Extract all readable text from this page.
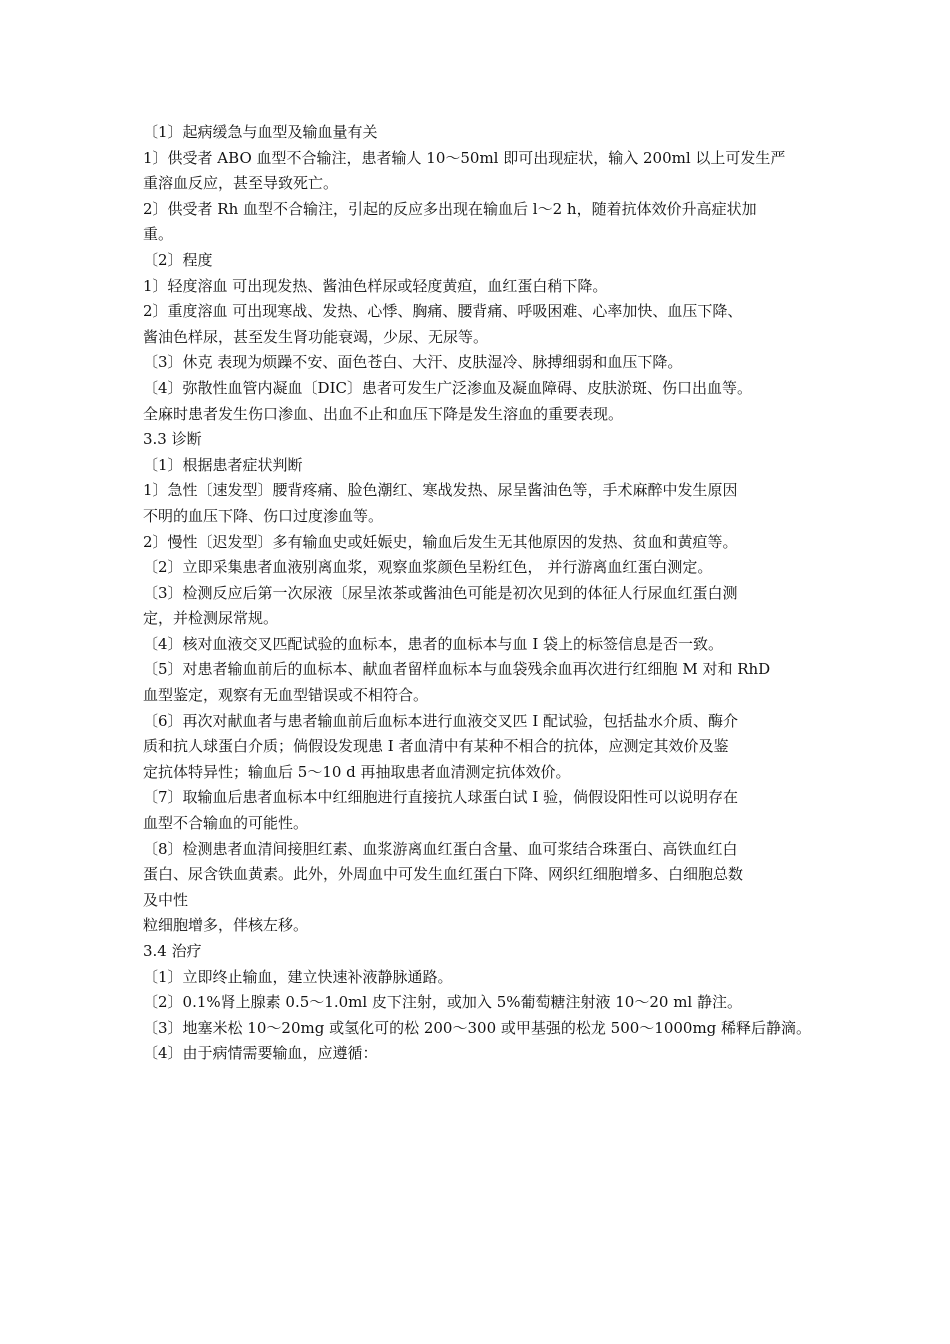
〔1〕起病缓急与血型及输血量有关
1〕供受者 ABO 血型不合输注，患者输人 10～50ml 即可出现症状，输入 200ml 以上可发生严
重溶血反应，甚至导致死亡。
2〕供受者 Rh 血型不合输注，引起的反应多出现在输血后 l～2 h，随着抗体效价升高症状加
重。
〔2〕程度
1〕轻度溶血 可出现发热、酱油色样尿或轻度黄疸，血红蛋白稍下降。
2〕重度溶血 可出现寒战、发热、心悸、胸痛、腰背痛、呼吸困难、心率加快、血压下降、
酱油色样尿，甚至发生肾功能衰竭，少尿、无尿等。
〔3〕休克 表现为烦躁不安、面色苍白、大汗、皮肤湿冷、脉搏细弱和血压下降。
〔4〕弥散性血管内凝血〔DIC〕患者可发生广泛渗血及凝血障碍、皮肤淤斑、伤口出血等。
全麻时患者发生伤口渗血、出血不止和血压下降是发生溶血的重要表现。
3.3 诊断
〔1〕根据患者症状判断
1〕急性〔速发型〕腰背疼痛、脸色潮红、寒战发热、尿呈酱油色等，手术麻醉中发生原因
不明的血压下降、伤口过度渗血等。
2〕慢性〔迟发型〕多有输血史或妊娠史，输血后发生无其他原因的发热、贫血和黄疸等。
〔2〕立即采集患者血液别离血浆，观察血浆颜色呈粉红色， 并行游离血红蛋白测定。
〔3〕检测反应后第一次尿液〔尿呈浓茶或酱油色可能是初次见到的体征人行尿血红蛋白测
定，并检测尿常规。
〔4〕核对血液交叉匹配试验的血标本，患者的血标本与血 I 袋上的标签信息是否一致。
〔5〕对患者输血前后的血标本、献血者留样血标本与血袋残余血再次进行红细胞 M 对和 RhD
血型鉴定，观察有无血型错误或不相符合。
〔6〕再次对献血者与患者输血前后血标本进行血液交叉匹 I 配试验，包括盐水介质、酶介
质和抗人球蛋白介质；倘假设发现患 I 者血清中有某种不相合的抗体，应测定其效价及鉴
定抗体特异性；输血后 5～10 d 再抽取患者血清测定抗体效价。
〔7〕取输血后患者血标本中红细胞进行直接抗人球蛋白试 I 验，倘假设阳性可以说明存在
血型不合输血的可能性。
〔8〕检测患者血清间接胆红素、血浆游离血红蛋白含量、血可浆结合珠蛋白、高铁血红白
蛋白、尿含铁血黄素。此外，外周血中可发生血红蛋白下降、网织红细胞增多、白细胞总数
及中性
粒细胞增多，伴核左移。
3.4 治疗
〔1〕立即终止输血，建立快速补液静脉通路。
〔2〕0.1%肾上腺素 0.5～1.0ml 皮下注射，或加入 5%葡萄糖注射液 10～20 ml 静注。
〔3〕地塞米松 10～20mg 或氢化可的松 200～300 或甲基强的松龙 500～1000mg 稀释后静滴。
〔4〕由于病情需要输血，应遵循：
